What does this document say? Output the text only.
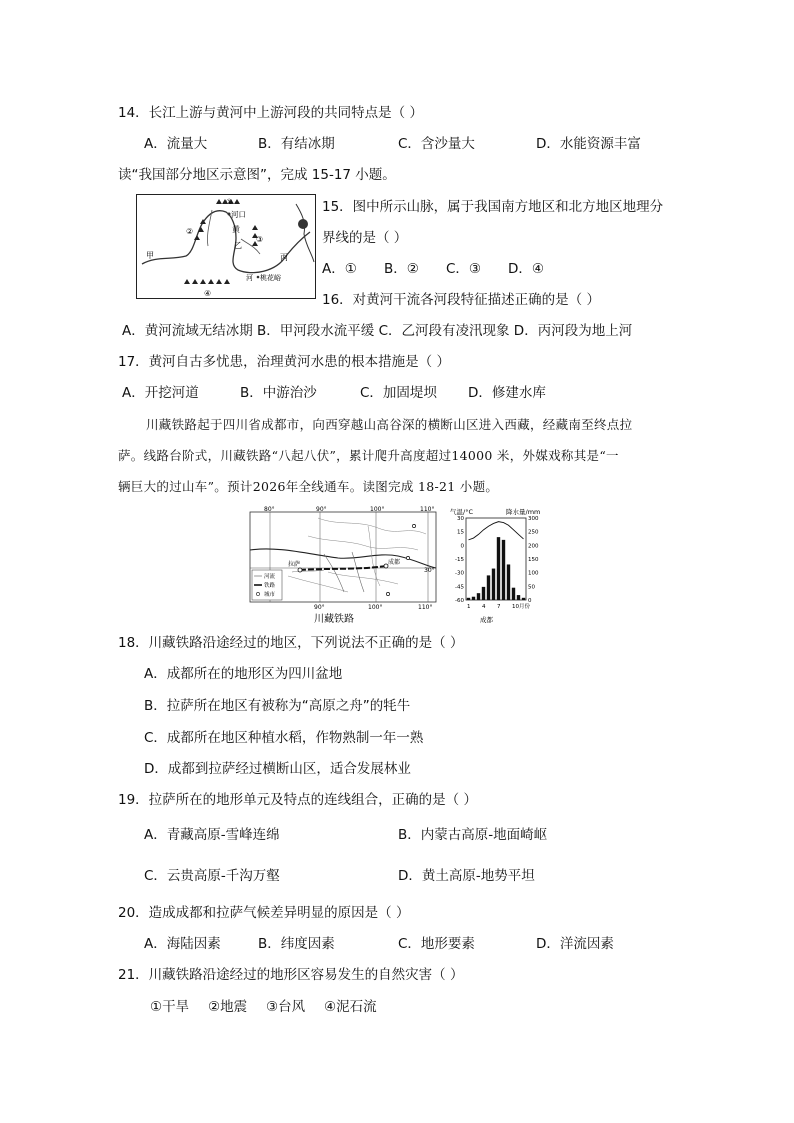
14．长江上游与黄河中上游河段的共同特点是（ ）
A．流量大	B．有结冰期	C．含沙量大	D．水能资源丰富
读“我国部分地区示意图”，完成 15-17 小题。
①
②
③
④
河口
黄
乙
甲	丙
河 桃花峪
15．图中所示山脉，属于我国南方地区和北方地区地理分
界线的是（ ）
A．① B．② C．③ D．④
16．对黄河干流各河段特征描述正确的是（ ）
A．黄河流域无结冰期 B．甲河段水流平缓 C．乙河段有凌汛现象 D．丙河段为地上河
17．黄河自古多忧患，治理黄河水患的根本措施是（ ）
A．开挖河道	B．中游治沙	C．加固堤坝 D．修建水库
川藏铁路起于四川省成都市，向西穿越山高谷深的横断山区进入西藏，经藏南至终点拉
萨。线路台阶式，川藏铁路“八起八伏”，累计爬升高度超过14000 米，外媒戏称其是“一
辆巨大的过山车”。预计2026年全线通车。读图完成 18-21 小题。
80°	90°	100°	110°
90°	100°	110°
30°
拉萨	成都
河流
铁路
城市
川藏铁路
气温/°C	降水量/mm
30
15
0
-15
-30
-45
-60
300
250
200
150
100
50
0
1 4 7 10月份
成都
18．川藏铁路沿途经过的地区，下列说法不正确的是（ ）
A．成都所在的地形区为四川盆地
B．拉萨所在地区有被称为“高原之舟”的牦牛
C．成都所在地区种植水稻，作物熟制一年一熟
D．成都到拉萨经过横断山区，适合发展林业
19．拉萨所在的地形单元及特点的连线组合，正确的是（ ）
A．青藏高原-雪峰连绵	B．内蒙古高原-地面崎岖
C．云贵高原-千沟万壑	D．黄土高原-地势平坦
20．造成成都和拉萨气候差异明显的原因是（ ）
A．海陆因素	B．纬度因素	C．地形要素	D．洋流因素
21．川藏铁路沿途经过的地形区容易发生的自然灾害（ ）
①干旱 ②地震 ③台风 ④泥石流
